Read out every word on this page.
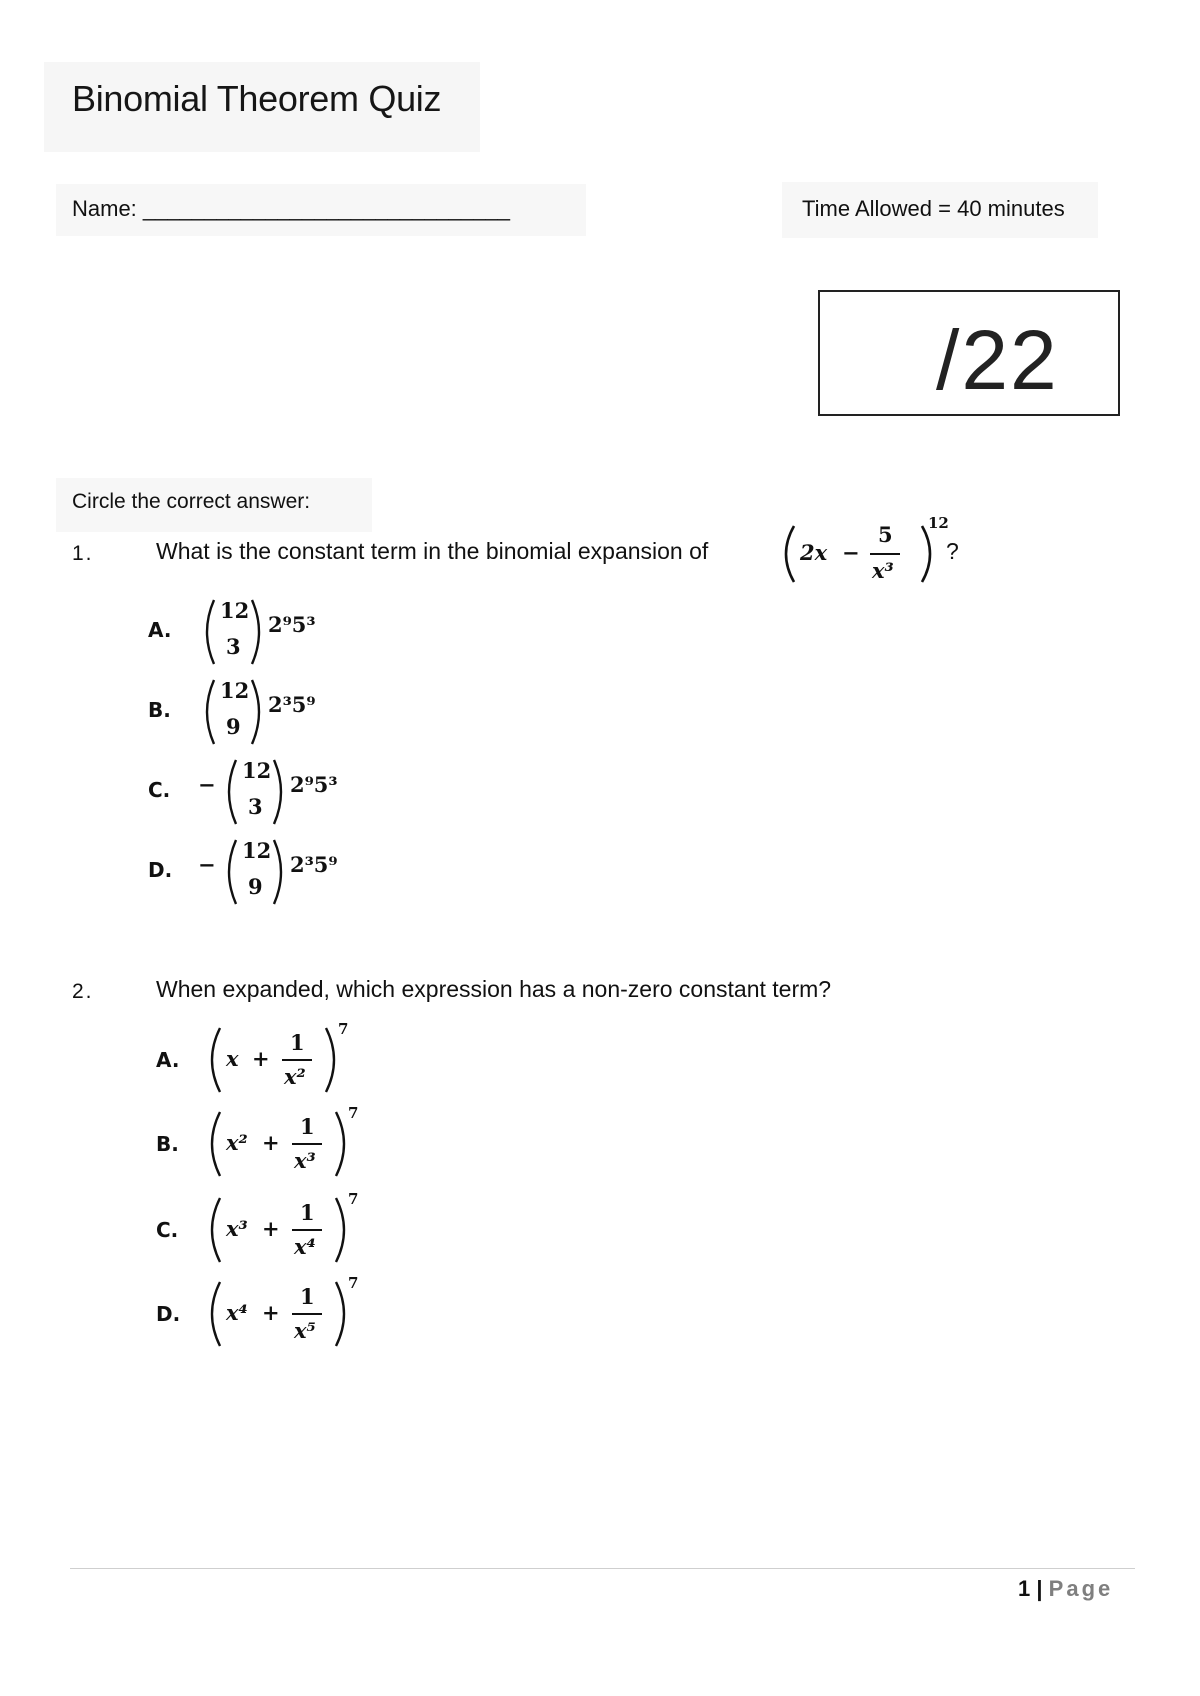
Binomial Theorem Quiz
Name: ______________________________	Time Allowed = 40 minutes
/22
Circle the correct answer:
1.	What is the constant term in the binomial expansion of	2x −
5
x³
12
?
A.
12
3
2⁹5³
B.
12
9
2³5⁹
C. −
12
3
2⁹5³
D. −
12
9
2³5⁹
2.	When expanded, which expression has a non-zero constant term?
A. x +
1
x²
7
B. x² +
1
x³
7
C. x³ +
1
x⁴
7
D. x⁴ +
1
x⁵
7
1 | Page
